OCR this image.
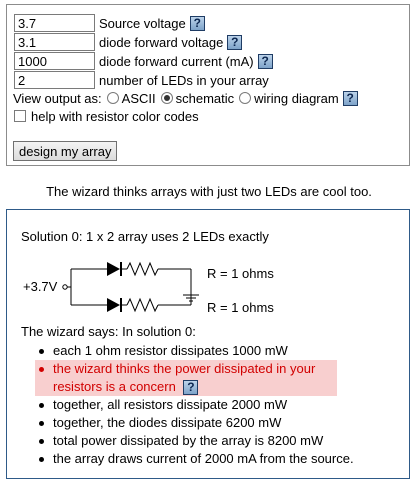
3.7
Source voltage ?
3.1
diode forward voltage ?
1000
diode forward current (mA) ?
2
number of LEDs in your array
View output as: ASCII schematic wiring diagram ?
help with resistor color codes
design my array
The wizard thinks arrays with just two LEDs are cool too.
Solution 0: 1 x 2 array uses 2 LEDs exactly
+3.7V
R = 1 ohms
R = 1 ohms
The wizard says: In solution 0:
each 1 ohm resistor dissipates 1000 mW
the wizard thinks the power dissipated in your resistors is a concern ?
together, all resistors dissipate 2000 mW
together, the diodes dissipate 6200 mW
total power dissipated by the array is 8200 mW
the array draws current of 2000 mA from the source.
